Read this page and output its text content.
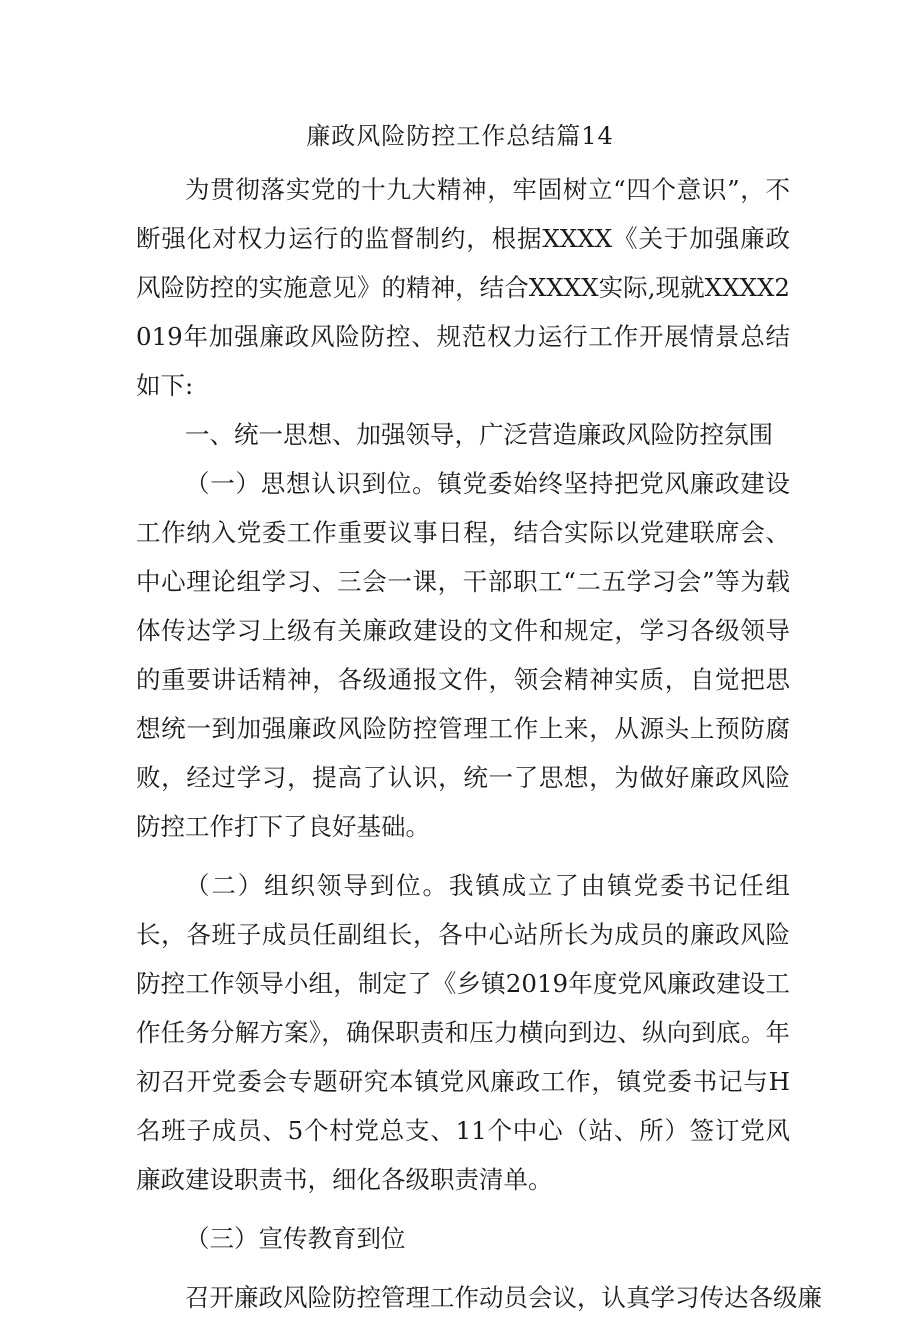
廉政风险防控工作总结篇14

为贯彻落实党的十九大精神，牢固树立“四个意识”，不断强化对权力运行的监督制约，根据XXXX《关于加强廉政风险防控的实施意见》的精神，结合XXXX实际,现就XXXX2019年加强廉政风险防控、规范权力运行工作开展情景总结如下:

一、统一思想、加强领导，广泛营造廉政风险防控氛围

（一）思想认识到位。镇党委始终坚持把党风廉政建设工作纳入党委工作重要议事日程，结合实际以党建联席会、中心理论组学习、三会一课，干部职工“二五学习会”等为载体传达学习上级有关廉政建设的文件和规定，学习各级领导的重要讲话精神，各级通报文件，领会精神实质，自觉把思想统一到加强廉政风险防控管理工作上来，从源头上预防腐败，经过学习，提高了认识，统一了思想，为做好廉政风险防控工作打下了良好基础。

（二）组织领导到位。我镇成立了由镇党委书记任组长，各班子成员任副组长，各中心站所长为成员的廉政风险防控工作领导小组，制定了《乡镇2019年度党风廉政建设工作任务分解方案》，确保职责和压力横向到边、纵向到底。年初召开党委会专题研究本镇党风廉政工作，镇党委书记与H名班子成员、5个村党总支、11个中心（站、所）签订党风廉政建设职责书，细化各级职责清单。

（三）宣传教育到位

召开廉政风险防控管理工作动员会议，认真学习传达各级廉
